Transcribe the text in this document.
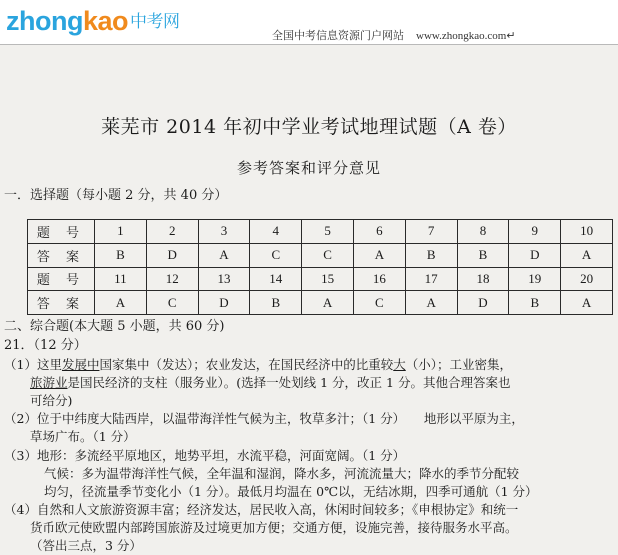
zhongkao 中考网
全国中考信息资源门户网站 www.zhongkao.com↵
莱芜市 2014 年初中学业考试地理试题（A 卷）
参考答案和评分意见
一．选择题（每小题 2 分，共 40 分）
题 号	1	2	3	4	5	6	7	8	9	10
答 案	B	D	A	C	C	A	B	B	D	A
题 号	11	12	13	14	15	16	17	18	19	20
答 案	A	C	D	B	A	C	A	D	B	A
二、综合题(本大题 5 小题，共 60 分)
21．（12 分）
（1）这里发展中国家集中（发达）；农业发达，在国民经济中的比重较大（小）；工业密集，
旅游业是国民经济的支柱（服务业）。(选择一处划线 1 分，改正 1 分。其他合理答案也
可给分)
（2）位于中纬度大陆西岸，以温带海洋性气候为主，牧草多汁；（1 分）　　地形以平原为主，
草场广布。（1 分）
（3）地形：多流经平原地区，地势平坦，水流平稳，河面宽阔。（1 分）
气候：多为温带海洋性气候，全年温和湿润，降水多，河流流量大；降水的季节分配较
均匀，径流量季节变化小（1 分）。最低月均温在 0℃以，无结冰期，四季可通航（1 分）
（4）自然和人文旅游资源丰富；经济发达，居民收入高，休闲时间较多；《申根协定》和统一
货币欧元使欧盟内部跨国旅游及过境更加方便；交通方便，设施完善，接待服务水平高。
（答出三点，3 分）
